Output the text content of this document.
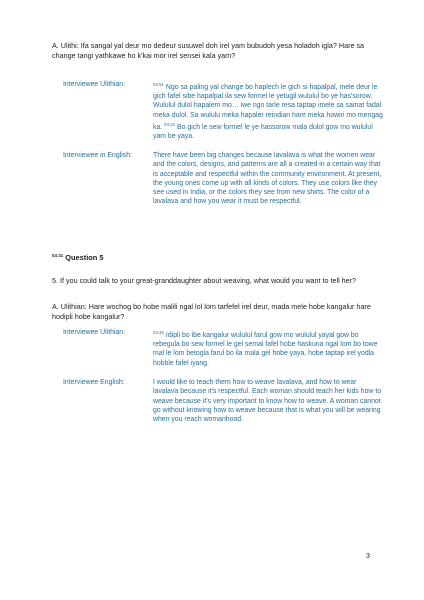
A. Ulithi: Ifa sangal yal deur mo dedeur susuwel doh irel yam bubudoh yesa holadoh igla? Hare sa change tangi yathkawe ho k'kai mor irel sensei kala yam?
Interviewee Ulithian:	$^{03:51}$ Ngo sa paling yal change bo haplech le gich si hapalpal, mele deur le gich fafel sibe hapalpal ila sew formel le yetugil wululul bo ye has'sorow. Wululul dulol hapalem mo… iwe ngo tarle resa taptap imele sa samat fadal meka dulol. Sa wululu meka hapaler reindian hare meka howiri mo mengag ka. $^{04:21}$ Bo gich le sew formel le ye hassorow mala dulol gow mo wululul yam be yaya.
Interviewee in English:	There have been big changes because lavalava is what the women wear and the colors, designs, and patterns are all a created in a certain way that is acceptable and respectful within the community environment. At present, the young ones come up with all kinds of colors. They use colors like they see used in India, or the colors they see from new shirts. The color of a lavalava and how you wear it must be respectful.
$^{04:31}$ Question 5
5. If you could talk to your great-granddaughter about weaving, what would you want to tell her?
A. Ulithian: Hare wochog bo hobe malili ngal lol lom tarfefel irel deur, mada mele hobe kangalur hare hodipli hobe kangalur?
Interviewee Ulithian:	$^{04:45}$ Idipli bo ibe kangalur wululul farul gow mo wululul yayal gow bo rebegula bo sew formel le gel semal fafel hobe haskuna ngal lom bo towe mal le lom betogla farul bo ila mala gel hobe yaya, hobe taptap irel yodla hobble fafel iyang.
Interviewee English:	I would like to teach them how to weave lavalava, and how to wear lavalava because it's respectful. Each woman should teach her kids how to weave because it's very important to know how to weave. A woman cannot go without knowing how to weave because that is what you will be wearing when you reach womanhood.
3
